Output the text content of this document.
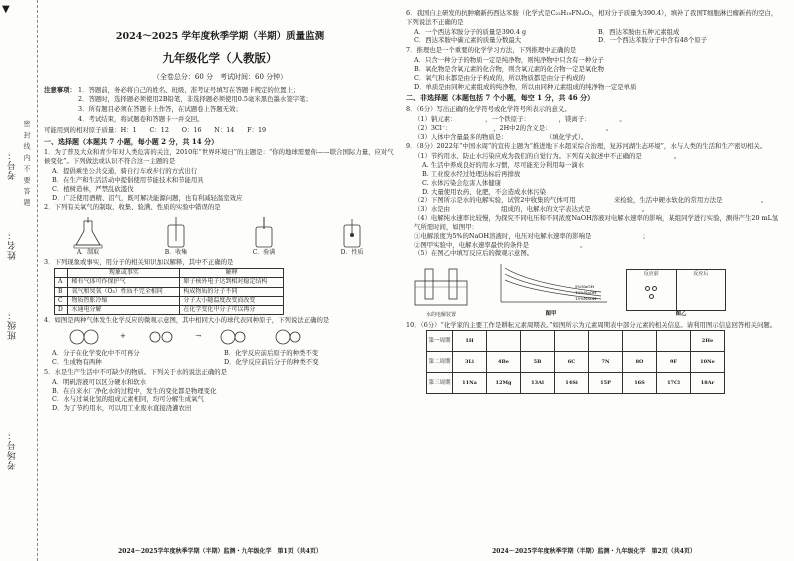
▼
考号：
姓名：
班级：
考场号：
密 封 线 内 不 要 答 题
2024～2025 学年度秋季学期（半期）质量监测
九年级化学（人教版）
（全卷总分：60 分　考试时间：60 分钟）
注意事项： 1．答题前，务必将自己的姓名、班级、准考证号填写在答题卡规定的位置上；
2．答题时，选择题必须使用2B铅笔，非选择题必须使用0.5毫米黑色墨水签字笔；
3．所有题目必须在答题卡上作答，在试题卷上答题无效；
4．考试结束，将试题卷和答题卡一并交回。
可能用到的相对原子质量：H：1　　C：12　　O：16　　N：14　　F：19
一、选择题（本题共 7 小题，每小题 2 分，共 14 分）
1．为了普及大众和青少年对人类危害的关注，2010年“世界环境日”的主题是：“你的地球需要你——联合国际力量，应对气候变化”。下列做法或认识不符合这一主题的是
A．提倡乘坐公共交通，骑自行车或步行的方式出行
B．在生产和生活活动中提倡使用节能技术和节能用具
C．植树造林，严禁乱砍滥伐
D．广泛使用酒精、沼气，既可解决能源问题，也有利减轻温室效应
2．下列有关氧气的制取、收集、验满、性质的实验中错误的是
A．制取	B．收集	C．验满	D．性质
3．下列现象或事实，用分子的相关知识加以解释，其中不正确的是
	现象或事实	解释
A	稀有气体可作保护气	原子核外电子达到相对稳定结构
B	氧气和臭氧（O₃）性质不完全相同	构成物质的分子不同
C	物质热胀冷缩	分子大小随温度改变而改变
D	水通电分解	在化学变化中分子可以再分
4．如图是两种气体发生化学反应的微观示意图，其中相同大小的球代表同种原子，下列说法正确的是
+	→
A．分子在化学变化中不可再分	B．化学反应前后原子的种类不变
C．生成物有两种	D．化学反应前后分子的种类不变
5．水是生产生活中不可缺少的物质。下列关于水的说法正确的是
A．明矾溶液可以区分硬水和软水
B．在自来水厂净化水的过程中，发生的变化都是物理变化
C．水与过氧化氢的组成元素相同，均可分解生成氧气
D．为了节约用水，可以用工业废水直接浇灌农田
2024～2025学年度秋季学期（半期）监测・九年级化学　第1页（共4页）
6．我国自主研发的抗肿瘤新药西达苯胺（化学式是C₂₂H₁₉FN₄O₂，相对分子质量为390.4），填补了我国T细胞淋巴瘤新药的空白，下列说法不正确的是
A．一个西达苯胺分子的质量是390.4 g	B．西达苯胺由五种元素组成
C．西达苯胺中碳元素的质量分数最大	D．一个西达苯胺分子中含有48个原子
7．推理也是一个重要的化学学习方法，下列推理中正确的是
A．只含一种分子的物质一定是纯净物，则纯净物中只含有一种分子
B．氧化物是含氧元素的化合物，则含氧元素的化合物一定是氧化物
C．氧气和水都是由分子构成的，所以物质都是由分子构成的
D．单质是由同种元素组成的纯净物，所以由同种元素组成的纯净物一定是单质
二、非选择题（本题包括 7 个小题，每空 1 分，共 46 分）
8．（6分）写出正确的化学符号或化学符号所表示的意义。
（1）钠元素：　　　　　，一个铁原子：　　　　　，镁离子：　　　　　。
（2）3Cl⁻：　　　　　　　，2H中2的含义是：　　　　　　　　　。
（3）人体中含量最多的物质是：　　　　　　　（填化学式）。
9．（8分）2022年“中国水周”的宣传主题为“推进地下水超采综合治理，复苏河湖生态环境”，水与人类的生活和生产密切相关。
（1）节约用水、防止水污染应成为我们的自觉行为。下列有关叙述中不正确的是　　　　　。
A. 生活中养成良好的用水习惯，尽可能充分利用每一滴水
B. 工业废水经过处理达标后再排放
C. 水体污染会危害人体健康
D. 大量使用农药、化肥，不会造成水体污染
（2）下图所示是水的电解实验，试管2中收集的气体可用　　　　　　来检验，生活中硬水软化的常用方法是　　　　　　。
（3）水是由　　　　　　　　组成的，电解水的文字表达式是　　　　　　　　。
（4）电解纯水速率比较慢，为探究不同电压和不同浓度NaOH溶液对电解水速率的影响，某组同学进行实验，测得产生20 mL氢气所需时间，如图甲：
①电解浓度为5%的NaOH溶液时，电压对电解水速率的影响是　　　　　　　　；
②图甲实验中，电解水速率最快的条件是　　　　　　　　。
（5）在图乙中填写反应后的微观示意图。
水的电解装置
5%NaOH
10%NaOH
15%NaOH
图甲
反应前
	反应后
图乙
10．（6分）“化学家的主要工作是耕耘元素周期表。”如图所示为元素周期表中部分元素的相关信息。请利用图示信息回答相关问题。
第一周期	1H							2He
第二周期	3Li	4Be	5B	6C	7N	8O	9F	10Ne
第三周期	11Na	12Mg	13Al	14Si	15P	16S	17Cl	18Ar
2024～2025学年度秋季学期（半期）监测・九年级化学　第2页（共4页）
